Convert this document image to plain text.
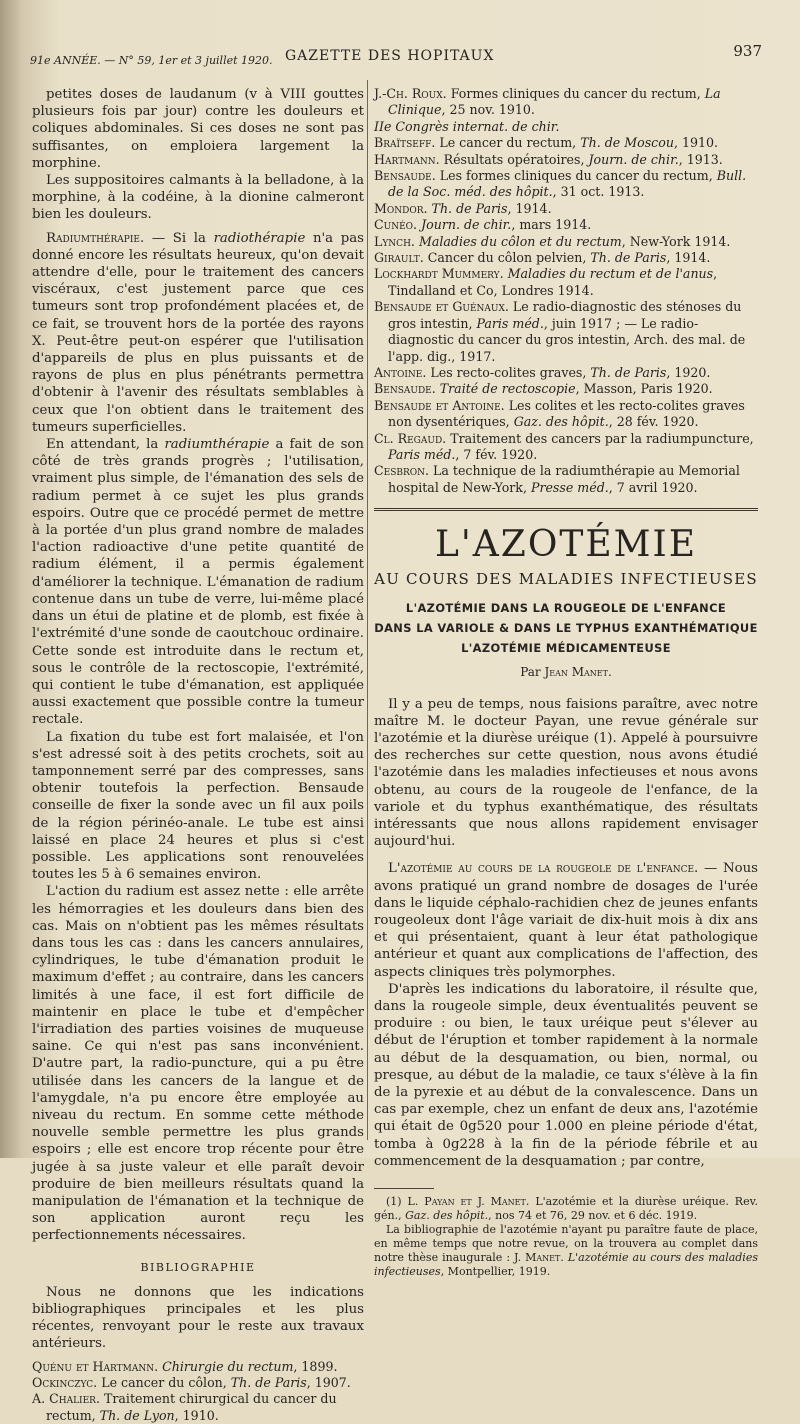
91e ANNÉE. — N° 59, 1er et 3 juillet 1920. GAZETTE DES HOPITAUX	937

petites doses de laudanum (v à VIII gouttes plusieurs fois par jour) contre les douleurs et coliques abdominales. Si ces doses ne sont pas suffisantes, on emploiera largement la morphine.

Les suppositoires calmants à la belladone, à la morphine, à la codéine, à la dionine calmeront bien les douleurs.

Radiumthérapie. — Si la radiothérapie n'a pas donné encore les résultats heureux, qu'on devait attendre d'elle, pour le traitement des cancers viscéraux, c'est justement parce que ces tumeurs sont trop profondément placées et, de ce fait, se trouvent hors de la portée des rayons X. Peut-être peut-on espérer que l'utilisation d'appareils de plus en plus puissants et de rayons de plus en plus pénétrants permettra d'obtenir à l'avenir des résultats semblables à ceux que l'on obtient dans le traitement des tumeurs superficielles.

En attendant, la radiumthérapie a fait de son côté de très grands progrès ; l'utilisation, vraiment plus simple, de l'émanation des sels de radium permet à ce sujet les plus grands espoirs. Outre que ce procédé permet de mettre à la portée d'un plus grand nombre de malades l'action radioactive d'une petite quantité de radium élément, il a permis également d'améliorer la technique. L'émanation de radium contenue dans un tube de verre, lui-même placé dans un étui de platine et de plomb, est fixée à l'extrémité d'une sonde de caoutchouc ordinaire. Cette sonde est introduite dans le rectum et, sous le contrôle de la rectoscopie, l'extrémité, qui contient le tube d'émanation, est appliquée aussi exactement que possible contre la tumeur rectale.

La fixation du tube est fort malaisée, et l'on s'est adressé soit à des petits crochets, soit au tamponnement serré par des compresses, sans obtenir toutefois la perfection. Bensaude conseille de fixer la sonde avec un fil aux poils de la région périnéo-anale. Le tube est ainsi laissé en place 24 heures et plus si c'est possible. Les applications sont renouvelées toutes les 5 à 6 semaines environ.

L'action du radium est assez nette : elle arrête les hémorragies et les douleurs dans bien des cas. Mais on n'obtient pas les mêmes résultats dans tous les cas : dans les cancers annulaires, cylindriques, le tube d'émanation produit le maximum d'effet ; au contraire, dans les cancers limités à une face, il est fort difficile de maintenir en place le tube et d'empêcher l'irradiation des parties voisines de muqueuse saine. Ce qui n'est pas sans inconvénient. D'autre part, la radio-puncture, qui a pu être utilisée dans les cancers de la langue et de l'amygdale, n'a pu encore être employée au niveau du rectum. En somme cette méthode nouvelle semble permettre les plus grands espoirs ; elle est encore trop récente pour être jugée à sa juste valeur et elle paraît devoir produire de bien meilleurs résultats quand la manipulation de l'émanation et la technique de son application auront reçu les perfectionnements nécessaires.

BIBLIOGRAPHIE

Nous ne donnons que les indications bibliographiques principales et les plus récentes, renvoyant pour le reste aux travaux antérieurs.

Quénu et Hartmann. Chirurgie du rectum, 1899.
Ockinczyc. Le cancer du côlon, Th. de Paris, 1907.
A. Chalier. Traitement chirurgical du cancer du rectum, Th. de Lyon, 1910.
J.-Ch. Roux. Formes cliniques du cancer du rectum, La Clinique, 25 nov. 1910.
IIe Congrès internat. de chir.
Braïtseff. Le cancer du rectum, Th. de Moscou, 1910.
Hartmann. Résultats opératoires, Journ. de chir., 1913.
Bensaude. Les formes cliniques du cancer du rectum, Bull. de la Soc. méd. des hôpit., 31 oct. 1913.
Mondor. Th. de Paris, 1914.
Cunéo. Journ. de chir., mars 1914.
Lynch. Maladies du côlon et du rectum, New-York 1914.
Girault. Cancer du côlon pelvien, Th. de Paris, 1914.
Lockhardt Mummery. Maladies du rectum et de l'anus, Tindalland et Co, Londres 1914.
Bensaude et Guénaux. Le radio-diagnostic des sténoses du gros intestin, Paris méd., juin 1917 ; — Le radio-diagnostic du cancer du gros intestin, Arch. des mal. de l'app. dig., 1917.
Antoine. Les recto-colites graves, Th. de Paris, 1920.
Bensaude. Traité de rectoscopie, Masson, Paris 1920.
Bensaude et Antoine. Les colites et les recto-colites graves non dysentériques, Gaz. des hôpit., 28 fév. 1920.
Cl. Regaud. Traitement des cancers par la radiumpuncture, Paris méd., 7 fév. 1920.
Cesbron. La technique de la radiumthérapie au Memorial hospital de New-York, Presse méd., 7 avril 1920.
L'AZOTÉMIE
AU COURS DES MALADIES INFECTIEUSES
L'AZOTÉMIE DANS LA ROUGEOLE DE L'ENFANCE
DANS LA VARIOLE & DANS LE TYPHUS EXANTHÉMATIQUE
L'AZOTÉMIE MÉDICAMENTEUSE
Par Jean Manet.

Il y a peu de temps, nous faisions paraître, avec notre maître M. le docteur Payan, une revue générale sur l'azotémie et la diurèse uréique (1). Appelé à poursuivre des recherches sur cette question, nous avons étudié l'azotémie dans les maladies infectieuses et nous avons obtenu, au cours de la rougeole de l'enfance, de la variole et du typhus exanthématique, des résultats intéressants que nous allons rapidement envisager aujourd'hui.

L'azotémie au cours de la rougeole de l'enfance. — Nous avons pratiqué un grand nombre de dosages de l'urée dans le liquide céphalo-rachidien chez de jeunes enfants rougeoleux dont l'âge variait de dix-huit mois à dix ans et qui présentaient, quant à leur état pathologique antérieur et quant aux complications de l'affection, des aspects cliniques très polymorphes.

D'après les indications du laboratoire, il résulte que, dans la rougeole simple, deux éventualités peuvent se produire : ou bien, le taux uréique peut s'élever au début de l'éruption et tomber rapidement à la normale au début de la desquamation, ou bien, normal, ou presque, au début de la maladie, ce taux s'élève à la fin de la pyrexie et au début de la convalescence. Dans un cas par exemple, chez un enfant de deux ans, l'azotémie qui était de 0g520 pour 1.000 en pleine période d'état, tomba à 0g228 à la fin de la période fébrile et au commencement de la desquamation ; par contre,

(1) L. Payan et J. Manet. L'azotémie et la diurèse uréique. Rev. gén., Gaz. des hôpit., nos 74 et 76, 29 nov. et 6 déc. 1919.

La bibliographie de l'azotémie n'ayant pu paraître faute de place, en même temps que notre revue, on la trouvera au complet dans notre thèse inaugurale : J. Manet. L'azotémie au cours des maladies infectieuses, Montpellier, 1919.
